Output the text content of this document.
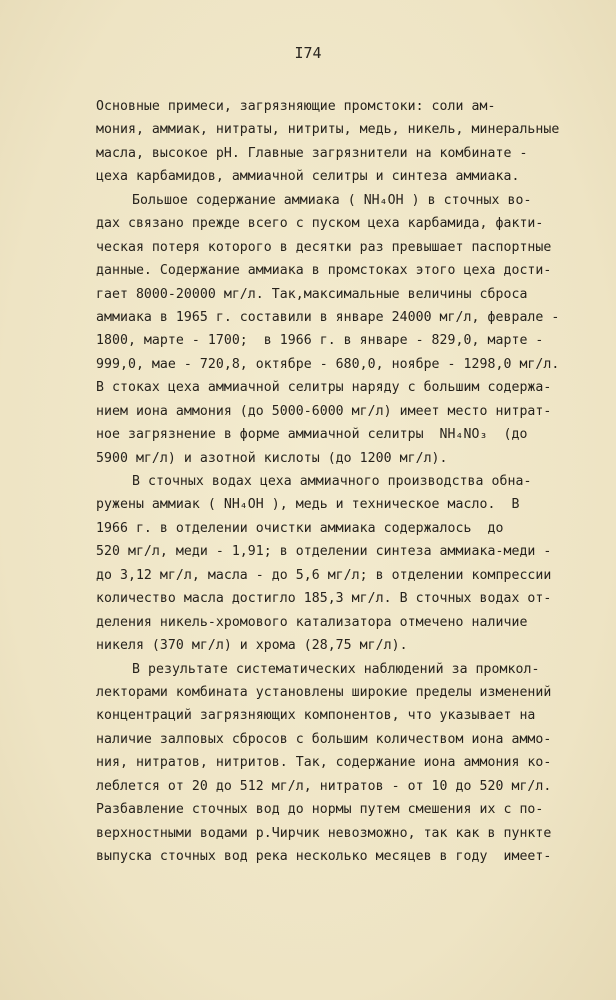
I74
Основные примеси, загрязняющие промстоки: соли ам-
мония, аммиак, нитраты, нитриты, медь, никель, минеральные
масла, высокое pH. Главные загрязнители на комбинате -
цеха карбамидов, аммиачной селитры и синтеза аммиака.
Большое содержание аммиака ( NH₄OH ) в сточных во-
дах связано прежде всего с пуском цеха карбамида, факти-
ческая потеря которого в десятки раз превышает паспортные
данные. Содержание аммиака в промстоках этого цеха дости-
гает 8000-20000 мг/л. Так,максимальные величины сброса
аммиака в 1965 г. составили в январе 24000 мг/л, феврале -
1800, марте - 1700;  в 1966 г. в январе - 829,0, марте -
999,0, мае - 720,8, октябре - 680,0, ноябре - 1298,0 мг/л.
В стоках цеха аммиачной селитры наряду с большим содержа-
нием иона аммония (до 5000-6000 мг/л) имеет место нитрат-
ное загрязнение в форме аммиачной селитры  NH₄NO₃  (до
5900 мг/л) и азотной кислоты (до 1200 мг/л).
В сточных водах цеха аммиачного производства обна-
ружены аммиак ( NH₄OH ), медь и техническое масло.  В
1966 г. в отделении очистки аммиака содержалось  до
520 мг/л, меди - 1,91; в отделении синтеза аммиака-меди -
до 3,12 мг/л, масла - до 5,6 мг/л; в отделении компрессии
количество масла достигло 185,3 мг/л. В сточных водах от-
деления никель-хромового катализатора отмечено наличие
никеля (370 мг/л) и хрома (28,75 мг/л).
В результате систематических наблюдений за промкол-
лекторами комбината установлены широкие пределы изменений
концентраций загрязняющих компонентов, что указывает на
наличие залповых сбросов с большим количеством иона аммо-
ния, нитратов, нитритов. Так, содержание иона аммония ко-
леблется от 20 до 512 мг/л, нитратов - от 10 до 520 мг/л.
Разбавление сточных вод до нормы путем смешения их с по-
верхностными водами р.Чирчик невозможно, так как в пункте
выпуска сточных вод река несколько месяцев в году  имеет-
